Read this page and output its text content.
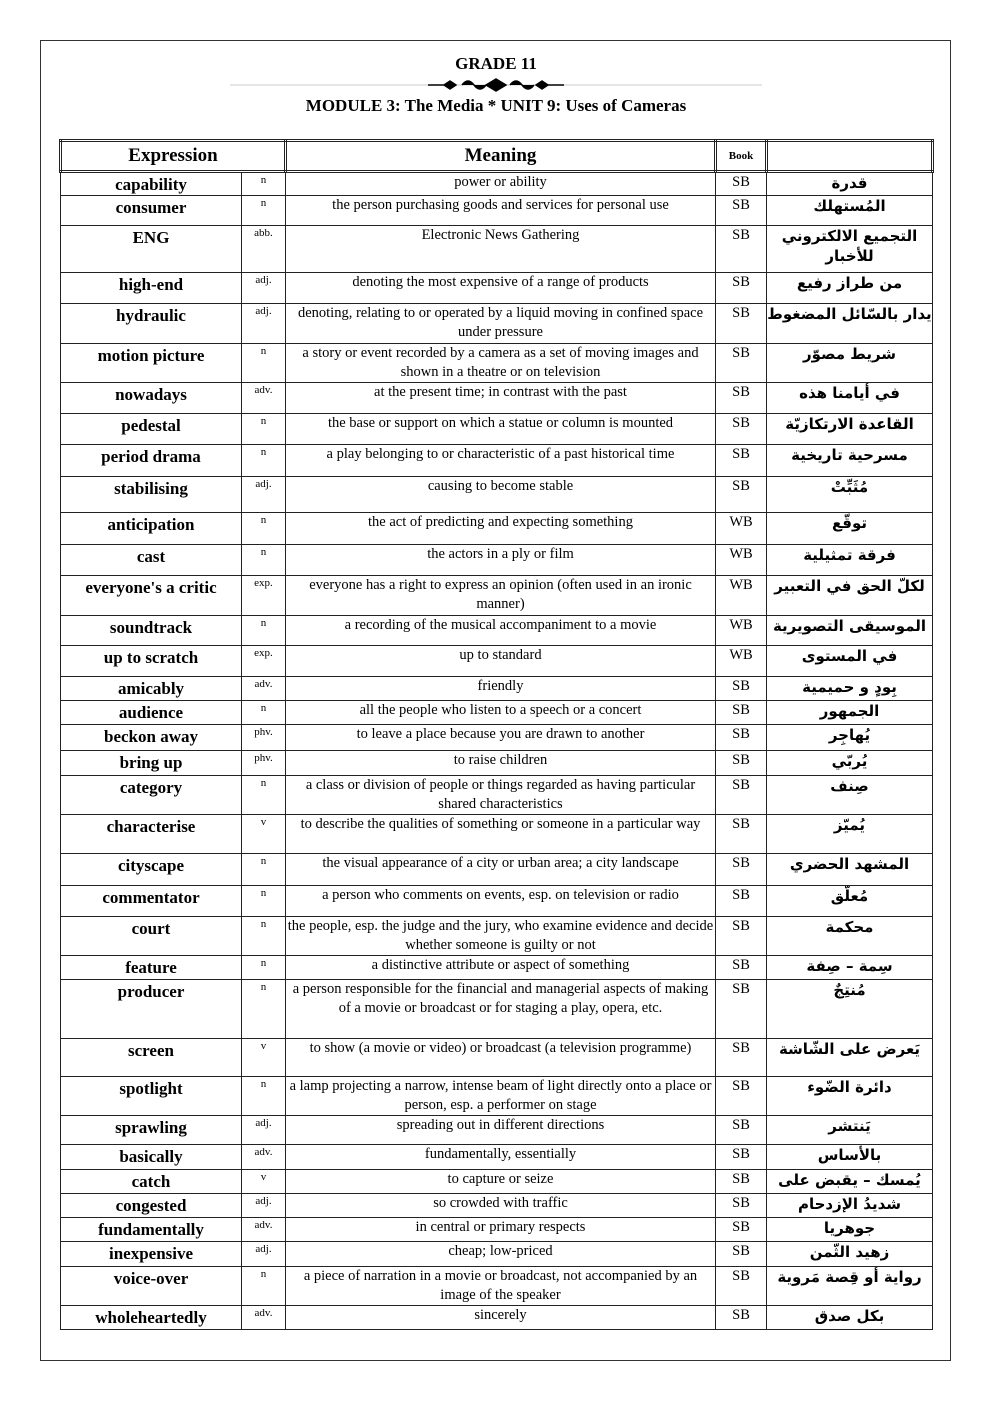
GRADE 11
MODULE 3: The Media * UNIT 9: Uses of Cameras
Expression		Meaning	Book	
capability	n	power or ability	SB	قدرة
consumer	n	the person purchasing goods and services for personal use	SB	المُستهلك
ENG	abb.	Electronic News Gathering	SB	التجميع الالكتروني للأخبار
high-end	adj.	denoting the most expensive of a range of products	SB	من طراز رفيع
hydraulic	adj.	denoting, relating to or operated by a liquid moving in confined space under pressure	SB	يدار بالسّائل المضغوط
motion picture	n	a story or event recorded by a camera as a set of moving images and shown in a theatre or on television	SB	شريط مصوّر
nowadays	adv.	at the present time; in contrast with the past	SB	في أيامنا هذه
pedestal	n	the base or support on which a statue or column is mounted	SB	القاعدة الارتكازيّة
period drama	n	a play belonging to or characteristic of a past historical time	SB	مسرحية تاريخية
stabilising	adj.	causing to become stable	SB	مُثَبِّتْ
anticipation	n	the act of predicting and expecting something	WB	توقّع
cast	n	the actors in a ply or film	WB	فرقة تمثيلية
everyone's a critic	exp.	everyone has a right to express an opinion (often used in an ironic manner)	WB	لكلّ الحق في التعبير
soundtrack	n	a recording of the musical accompaniment to a movie	WB	الموسيقى التصويرية
up to scratch	exp.	up to standard	WB	في المستوى
amicably	adv.	friendly	SB	بِودٍ و حميمية
audience	n	all the people who listen to a speech or a concert	SB	الجمهور
beckon away	phv.	to leave a place because you are drawn to another	SB	يُهاجِر
bring up	phv.	to raise children	SB	يُربّي
category	n	a class or division of people or things regarded as having particular shared characteristics	SB	صِنف
characterise	v	to describe the qualities of something or someone in a particular way	SB	يُميّز
cityscape	n	the visual appearance of a city or urban area; a city landscape	SB	المشهد الحضري
commentator	n	a person who comments on events, esp. on television or radio	SB	مُعلّق
court	n	the people, esp. the judge and the jury, who examine evidence and decide whether someone is guilty or not	SB	محكمة
feature	n	a distinctive attribute or aspect of something	SB	سِمة – صِفة
producer	n	a person responsible for the financial and managerial aspects of making of a movie or broadcast or for staging a play, opera, etc.	SB	مُنتِجٌ
screen	v	to show (a movie or video) or broadcast (a television programme)	SB	يَعرض على الشّاشة
spotlight	n	a lamp projecting a narrow, intense beam of light directly onto a place or person, esp. a performer on stage	SB	دائرة الضّوء
sprawling	adj.	spreading out in different directions	SB	يَنتشر
basically	adv.	fundamentally, essentially	SB	بالأساس
catch	v	to capture or seize	SB	يُمسك – يقبض على
congested	adj.	so crowded with traffic	SB	شديدُ الإزدحام
fundamentally	adv.	in central or primary respects	SB	جوهريا
inexpensive	adj.	cheap; low-priced	SB	زهيد الثّمن
voice-over	n	a piece of narration in a movie or broadcast, not accompanied by an image of the speaker	SB	رواية أو قِصة مَروية
wholeheartedly	adv.	sincerely	SB	بكل صدق
